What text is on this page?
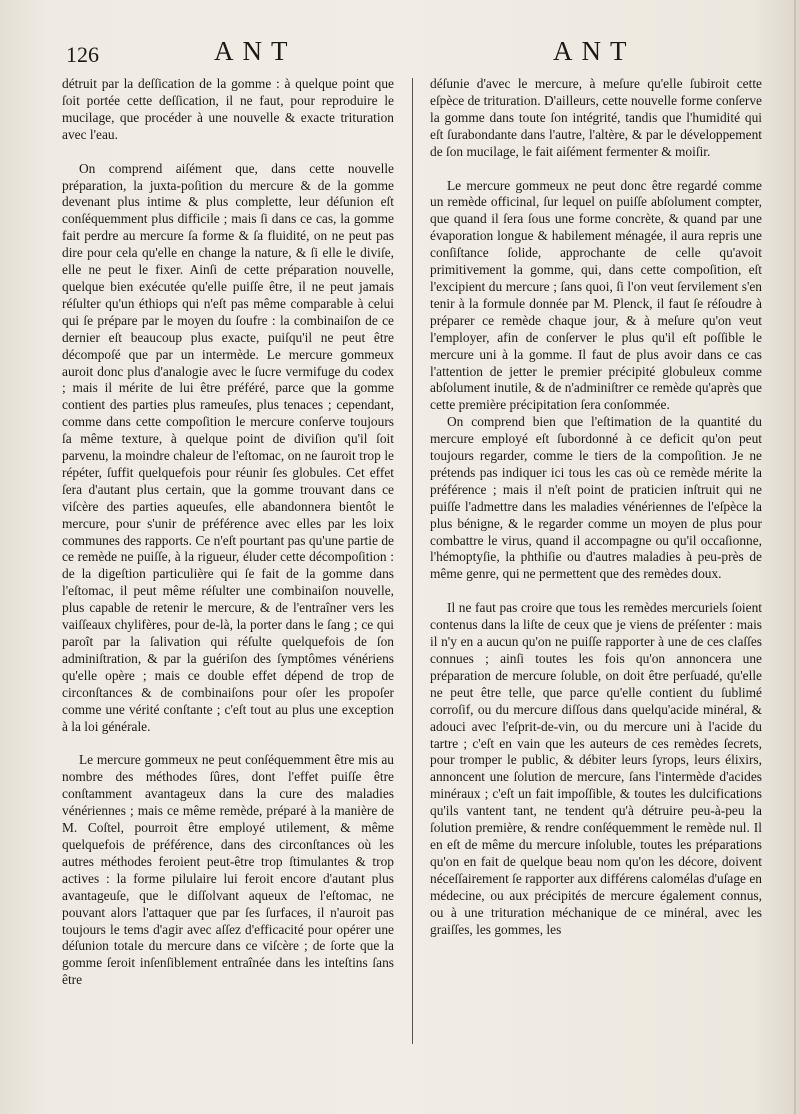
126	ANT	ANT

détruit par la deſſication de la gomme : à quelque point que ſoit portée cette deſſication, il ne faut, pour reproduire le mucilage, que procéder à une nouvelle & exacte trituration avec l'eau.

On comprend aiſément que, dans cette nouvelle préparation, la juxta-poſition du mercure & de la gomme devenant plus intime & plus complette, leur déſunion eſt conſéquemment plus difficile ; mais ſi dans ce cas, la gomme fait perdre au mercure ſa forme & ſa fluidité, on ne peut pas dire pour cela qu'elle en change la nature, & ſi elle le diviſe, elle ne peut le fixer. Ainſi de cette préparation nouvelle, quelque bien exécutée qu'elle puiſſe être, il ne peut jamais réſulter qu'un éthiops qui n'eſt pas même comparable à celui qui ſe prépare par le moyen du ſoufre : la combinaiſon de ce dernier eſt beaucoup plus exacte, puiſqu'il ne peut être décompoſé que par un intermède. Le mercure gommeux auroit donc plus d'analogie avec le ſucre vermifuge du codex ; mais il mérite de lui être préféré, parce que la gomme contient des parties plus rameuſes, plus tenaces ; cependant, comme dans cette compoſition le mercure conſerve toujours ſa même texture, à quelque point de diviſion qu'il ſoit parvenu, la moindre chaleur de l'eſtomac, on ne ſauroit trop le répéter, ſuffit quelquefois pour réunir ſes globules. Cet effet ſera d'autant plus certain, que la gomme trouvant dans ce viſcère des parties aqueuſes, elle abandonnera bientôt le mercure, pour s'unir de préférence avec elles par les loix communes des rapports. Ce n'eſt pourtant pas qu'une partie de ce remède ne puiſſe, à la rigueur, éluder cette décompoſition : de la digeſtion particulière qui ſe fait de la gomme dans l'eſtomac, il peut même réſulter une combinaiſon nouvelle, plus capable de retenir le mercure, & de l'entraîner vers les vaiſſeaux chylifères, pour de-là, la porter dans le ſang ; ce qui paroît par la ſalivation qui réſulte quelquefois de ſon adminiſtration, & par la guériſon des ſymptômes vénériens qu'elle opère ; mais ce double effet dépend de trop de circonſtances & de combinaiſons pour oſer les propoſer comme une vérité conſtante ; c'eſt tout au plus une exception à la loi générale.

Le mercure gommeux ne peut conſéquemment être mis au nombre des méthodes ſûres, dont l'effet puiſſe être conſtamment avantageux dans la cure des maladies vénériennes ; mais ce même remède, préparé à la manière de M. Coſtel, pourroit être employé utilement, & même quelquefois de préférence, dans des circonſtances où les autres méthodes feroient peut-être trop ſtimulantes & trop actives : la forme pilulaire lui feroit encore d'autant plus avantageuſe, que le diſſolvant aqueux de l'eſtomac, ne pouvant alors l'attaquer que par ſes ſurfaces, il n'auroit pas toujours le tems d'agir avec aſſez d'efficacité pour opérer une déſunion totale du mercure dans ce viſcère ; de ſorte que la gomme ſeroit inſenſiblement entraînée dans les inteſtins ſans être

déſunie d'avec le mercure, à meſure qu'elle ſubiroit cette eſpèce de trituration. D'ailleurs, cette nouvelle forme conſerve la gomme dans toute ſon intégrité, tandis que l'humidité qui eſt ſurabondante dans l'autre, l'altère, & par le développement de ſon mucilage, le fait aiſément fermenter & moiſir.

Le mercure gommeux ne peut donc être regardé comme un remède officinal, ſur lequel on puiſſe abſolument compter, que quand il ſera ſous une forme concrète, & quand par une évaporation longue & habilement ménagée, il aura repris une conſiſtance ſolide, approchante de celle qu'avoit primitivement la gomme, qui, dans cette compoſition, eſt l'excipient du mercure ; ſans quoi, ſi l'on veut ſervilement s'en tenir à la formule donnée par M. Plenck, il faut ſe réſoudre à préparer ce remède chaque jour, & à meſure qu'on veut l'employer, afin de conſerver le plus qu'il eſt poſſible le mercure uni à la gomme. Il faut de plus avoir dans ce cas l'attention de jetter le premier précipité globuleux comme abſolument inutile, & de n'adminiſtrer ce remède qu'après que cette première précipitation ſera conſommée.

On comprend bien que l'eſtimation de la quantité du mercure employé eſt ſubordonné à ce deficit qu'on peut toujours regarder, comme le tiers de la compoſition. Je ne prétends pas indiquer ici tous les cas où ce remède mérite la préférence ; mais il n'eſt point de praticien inſtruit qui ne puiſſe l'admettre dans les maladies vénériennes de l'eſpèce la plus bénigne, & le regarder comme un moyen de plus pour combattre le virus, quand il accompagne ou qu'il occaſionne, l'hémoptyſie, la phthiſie ou d'autres maladies à peu-près de même genre, qui ne permettent que des remèdes doux.

Il ne faut pas croire que tous les remèdes mercuriels ſoient contenus dans la liſte de ceux que je viens de préſenter : mais il n'y en a aucun qu'on ne puiſſe rapporter à une de ces claſſes connues ; ainſi toutes les fois qu'on annoncera une préparation de mercure ſoluble, on doit être perſuadé, qu'elle ne peut être telle, que parce qu'elle contient du ſublimé corroſif, ou du mercure diſſous dans quelqu'acide minéral, & adouci avec l'eſprit-de-vin, ou du mercure uni à l'acide du tartre ; c'eſt en vain que les auteurs de ces remèdes ſecrets, pour tromper le public, & débiter leurs ſyrops, leurs élixirs, annoncent une ſolution de mercure, ſans l'intermède d'acides minéraux ; c'eſt un fait impoſſible, & toutes les dulcifications qu'ils vantent tant, ne tendent qu'à détruire peu-à-peu la ſolution première, & rendre conſéquemment le remède nul. Il en eſt de même du mercure inſoluble, toutes les préparations qu'on en fait de quelque beau nom qu'on les décore, doivent néceſſairement ſe rapporter aux différens calomélas d'uſage en médecine, ou aux précipités de mercure également connus, ou à une trituration méchanique de ce minéral, avec les graiſſes, les gommes, les
